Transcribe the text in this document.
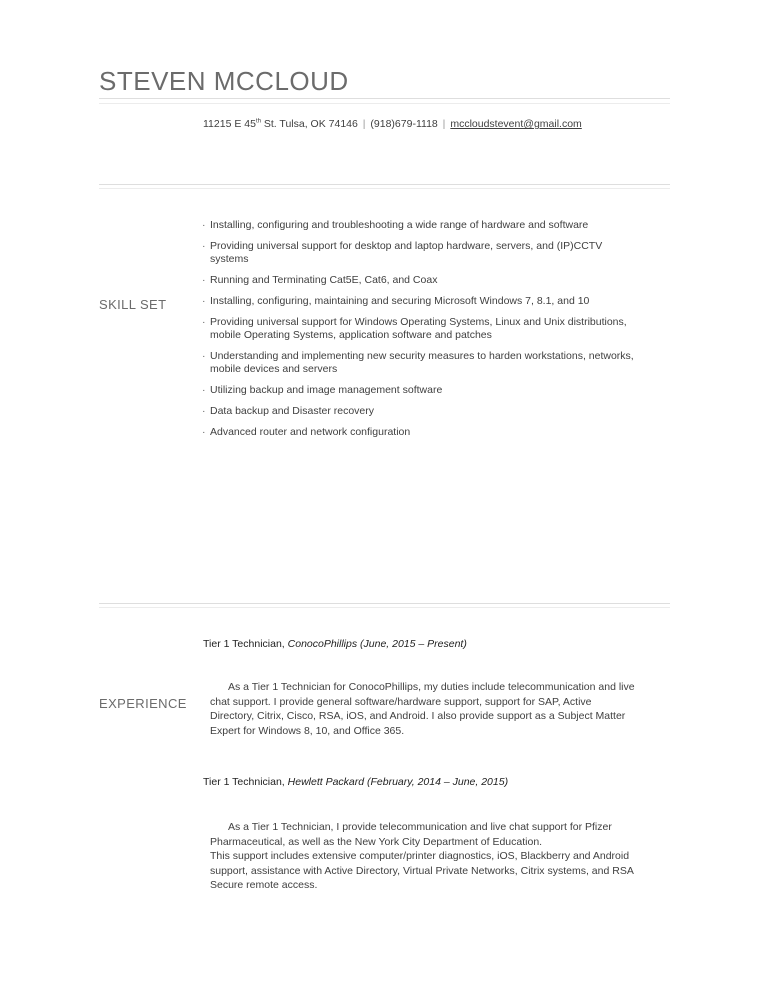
STEVEN MCCLOUD
11215 E 45th St. Tulsa, OK 74146 | (918)679-1118 | mccloudstevent@gmail.com
SKILL SET
· Installing, configuring and troubleshooting a wide range of hardware and software
· Providing universal support for desktop and laptop hardware, servers, and (IP)CCTV systems
· Running and Terminating Cat5E, Cat6, and Coax
· Installing, configuring, maintaining and securing Microsoft Windows 7, 8.1, and 10
· Providing universal support for Windows Operating Systems, Linux and Unix distributions, mobile Operating Systems, application software and patches
· Understanding and implementing new security measures to harden workstations, networks, mobile devices and servers
· Utilizing backup and image management software
· Data backup and Disaster recovery
· Advanced router and network configuration
EXPERIENCE
Tier 1 Technician, ConocoPhillips (June, 2015 – Present)
As a Tier 1 Technician for ConocoPhillips, my duties include telecommunication and live chat support. I provide general software/hardware support, support for SAP, Active Directory, Citrix, Cisco, RSA, iOS, and Android. I also provide support as a Subject Matter Expert for Windows 8, 10, and Office 365.
Tier 1 Technician, Hewlett Packard (February, 2014 – June, 2015)
As a Tier 1 Technician, I provide telecommunication and live chat support for Pfizer Pharmaceutical, as well as the New York City Department of Education.
This support includes extensive computer/printer diagnostics, iOS, Blackberry and Android support, assistance with Active Directory, Virtual Private Networks, Citrix systems, and RSA Secure remote access.
